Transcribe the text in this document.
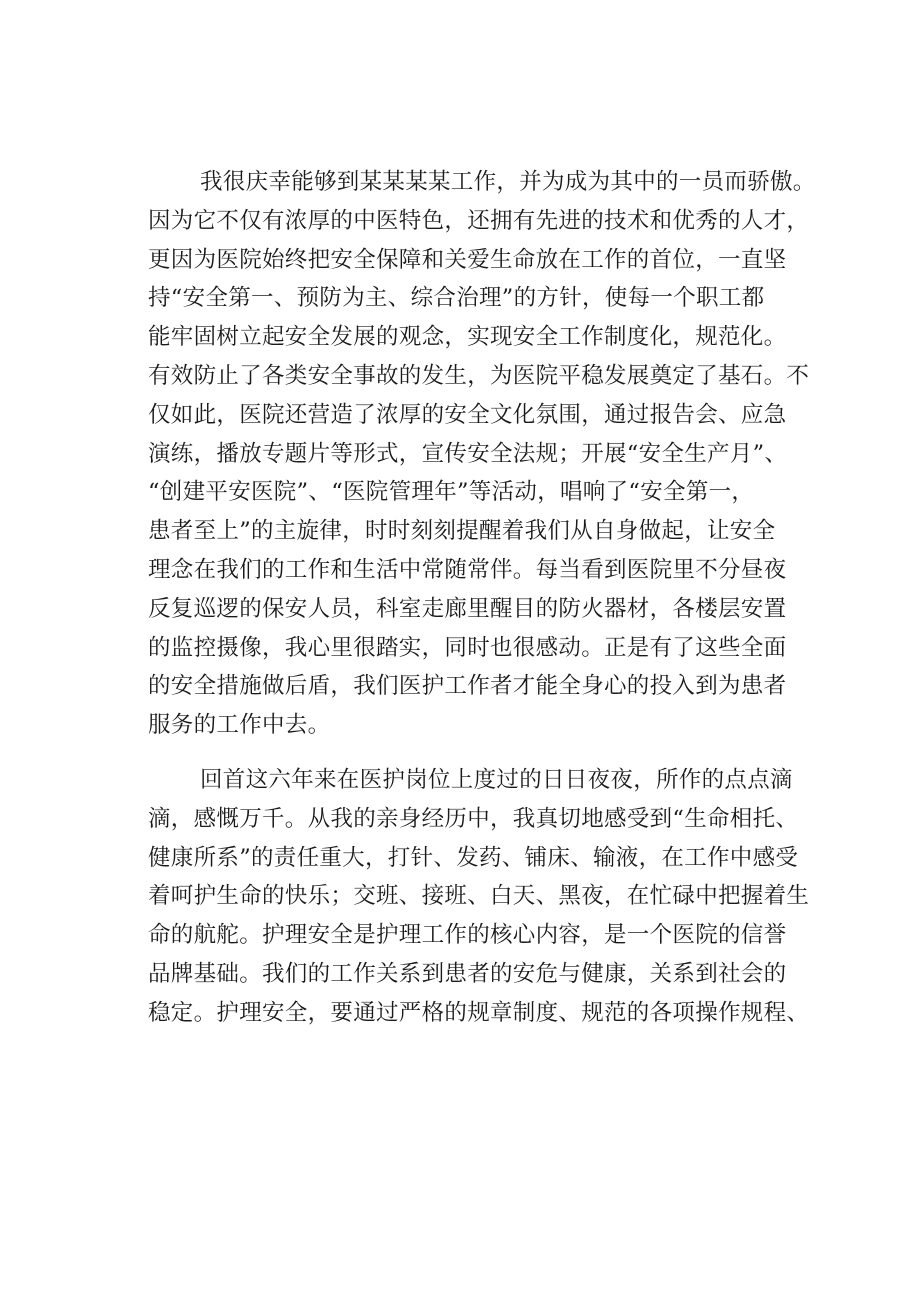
我很庆幸能够到某某某某工作，并为成为其中的一员而骄傲。
因为它不仅有浓厚的中医特色，还拥有先进的技术和优秀的人才，
更因为医院始终把安全保障和关爱生命放在工作的首位，一直坚
持“安全第一、预防为主、综合治理”的方针，使每一个职工都
能牢固树立起安全发展的观念，实现安全工作制度化，规范化。
有效防止了各类安全事故的发生，为医院平稳发展奠定了基石。不
仅如此，医院还营造了浓厚的安全文化氛围，通过报告会、应急
演练，播放专题片等形式，宣传安全法规；开展“安全生产月”、
“创建平安医院”、“医院管理年”等活动，唱响了“安全第一，
患者至上”的主旋律，时时刻刻提醒着我们从自身做起，让安全
理念在我们的工作和生活中常随常伴。每当看到医院里不分昼夜
反复巡逻的保安人员，科室走廊里醒目的防火器材，各楼层安置
的监控摄像，我心里很踏实，同时也很感动。正是有了这些全面
的安全措施做后盾，我们医护工作者才能全身心的投入到为患者
服务的工作中去。
回首这六年来在医护岗位上度过的日日夜夜，所作的点点滴
滴，感慨万千。从我的亲身经历中，我真切地感受到“生命相托、
健康所系”的责任重大，打针、发药、铺床、输液，在工作中感受
着呵护生命的快乐；交班、接班、白天、黑夜，在忙碌中把握着生
命的航舵。护理安全是护理工作的核心内容，是一个医院的信誉
品牌基础。我们的工作关系到患者的安危与健康，关系到社会的
稳定。护理安全，要通过严格的规章制度、规范的各项操作规程、
